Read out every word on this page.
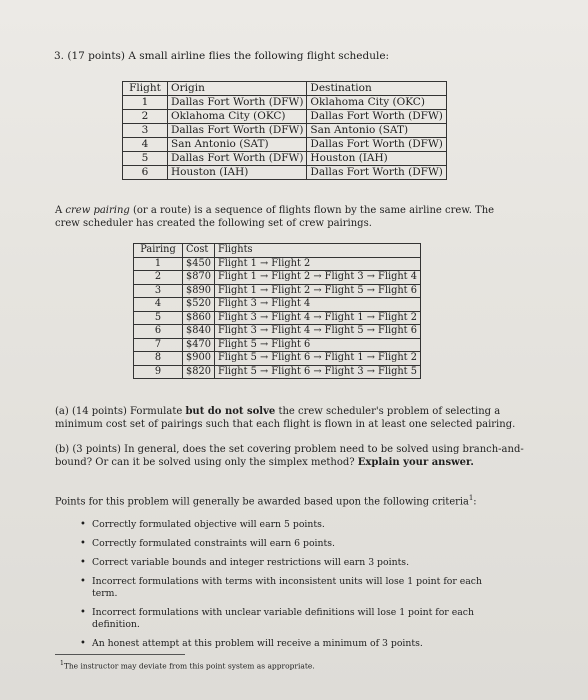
3. (17 points) A small airline flies the following flight schedule:
Flight	Origin	Destination
1	Dallas Fort Worth (DFW)	Oklahoma City (OKC)
2	Oklahoma City (OKC)	Dallas Fort Worth (DFW)
3	Dallas Fort Worth (DFW)	San Antonio (SAT)
4	San Antonio (SAT)	Dallas Fort Worth (DFW)
5	Dallas Fort Worth (DFW)	Houston (IAH)
6	Houston (IAH)	Dallas Fort Worth (DFW)
A crew pairing (or a route) is a sequence of flights flown by the same airline crew. The
crew scheduler has created the following set of crew pairings.
Pairing	Cost	Flights
1	$450	Flight 1 → Flight 2
2	$870	Flight 1 → Flight 2 → Flight 3 → Flight 4
3	$890	Flight 1 → Flight 2 → Flight 5 → Flight 6
4	$520	Flight 3 → Flight 4
5	$860	Flight 3 → Flight 4 → Flight 1 → Flight 2
6	$840	Flight 3 → Flight 4 → Flight 5 → Flight 6
7	$470	Flight 5 → Flight 6
8	$900	Flight 5 → Flight 6 → Flight 1 → Flight 2
9	$820	Flight 5 → Flight 6 → Flight 3 → Flight 5
(a) (14 points) Formulate but do not solve the crew scheduler's problem of selecting a minimum cost set of pairings such that each flight is flown in at least one selected pairing.
(b) (3 points) In general, does the set covering problem need to be solved using branch-and-bound? Or can it be solved using only the simplex method? Explain your answer.
Points for this problem will generally be awarded based upon the following criteria$^1$:
• Correctly formulated objective will earn 5 points.
• Correctly formulated constraints will earn 6 points.
• Correct variable bounds and integer restrictions will earn 3 points.
• Incorrect formulations with terms with inconsistent units will lose 1 point for each term.
• Incorrect formulations with unclear variable definitions will lose 1 point for each definition.
• An honest attempt at this problem will receive a minimum of 3 points.
$^1$The instructor may deviate from this point system as appropriate.
